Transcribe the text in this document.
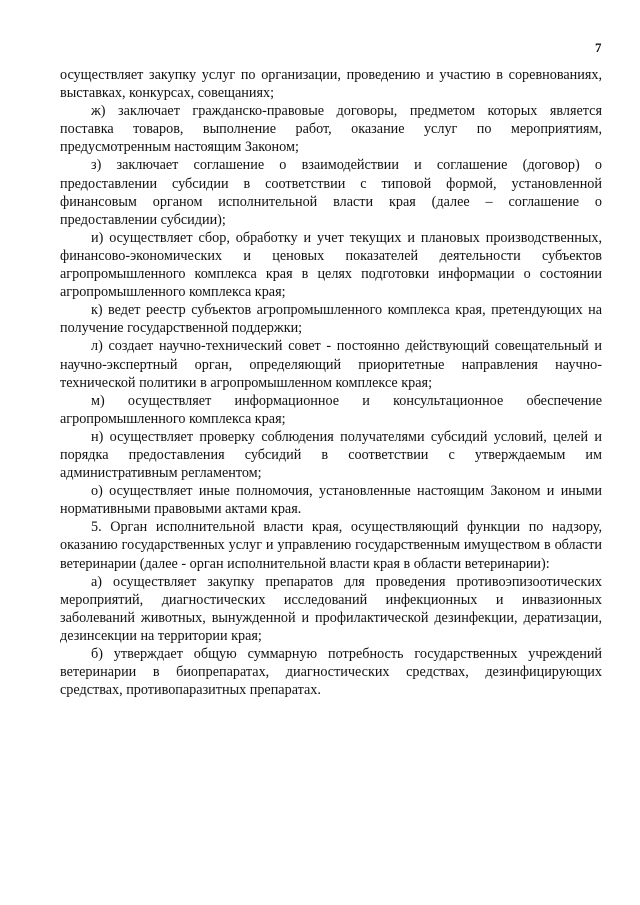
7

осуществляет закупку услуг по организации, проведению и участию в соревнованиях, выставках, конкурсах, совещаниях;

ж) заключает гражданско-правовые договоры, предметом которых является поставка товаров, выполнение работ, оказание услуг по мероприятиям, предусмотренным настоящим Законом;

з) заключает соглашение о взаимодействии и соглашение (договор) о предоставлении субсидии в соответствии с типовой формой, установленной финансовым органом исполнительной власти края (далее – соглашение о предоставлении субсидии);

и) осуществляет сбор, обработку и учет текущих и плановых производственных, финансово-экономических и ценовых показателей деятельности субъектов агропромышленного комплекса края в целях подготовки информации о состоянии агропромышленного комплекса края;

к) ведет реестр субъектов агропромышленного комплекса края, претендующих на получение государственной поддержки;

л) создает научно-технический совет - постоянно действующий совещательный и научно-экспертный орган, определяющий приоритетные направления научно-технической политики в агропромышленном комплексе края;

м) осуществляет информационное и консультационное обеспечение агропромышленного комплекса края;

н) осуществляет проверку соблюдения получателями субсидий условий, целей и порядка предоставления субсидий в соответствии с утверждаемым им административным регламентом;

о) осуществляет иные полномочия, установленные настоящим Законом и иными нормативными правовыми актами края.

5. Орган исполнительной власти края, осуществляющий функции по надзору, оказанию государственных услуг и управлению государственным имуществом в области ветеринарии (далее - орган исполнительной власти края в области ветеринарии):

а) осуществляет закупку препаратов для проведения противоэпизоотических мероприятий, диагностических исследований инфекционных и инвазионных заболеваний животных, вынужденной и профилактической дезинфекции, дератизации, дезинсекции на территории края;

б) утверждает общую суммарную потребность государственных учреждений ветеринарии в биопрепаратах, диагностических средствах, дезинфицирующих средствах, противопаразитных препаратах.
